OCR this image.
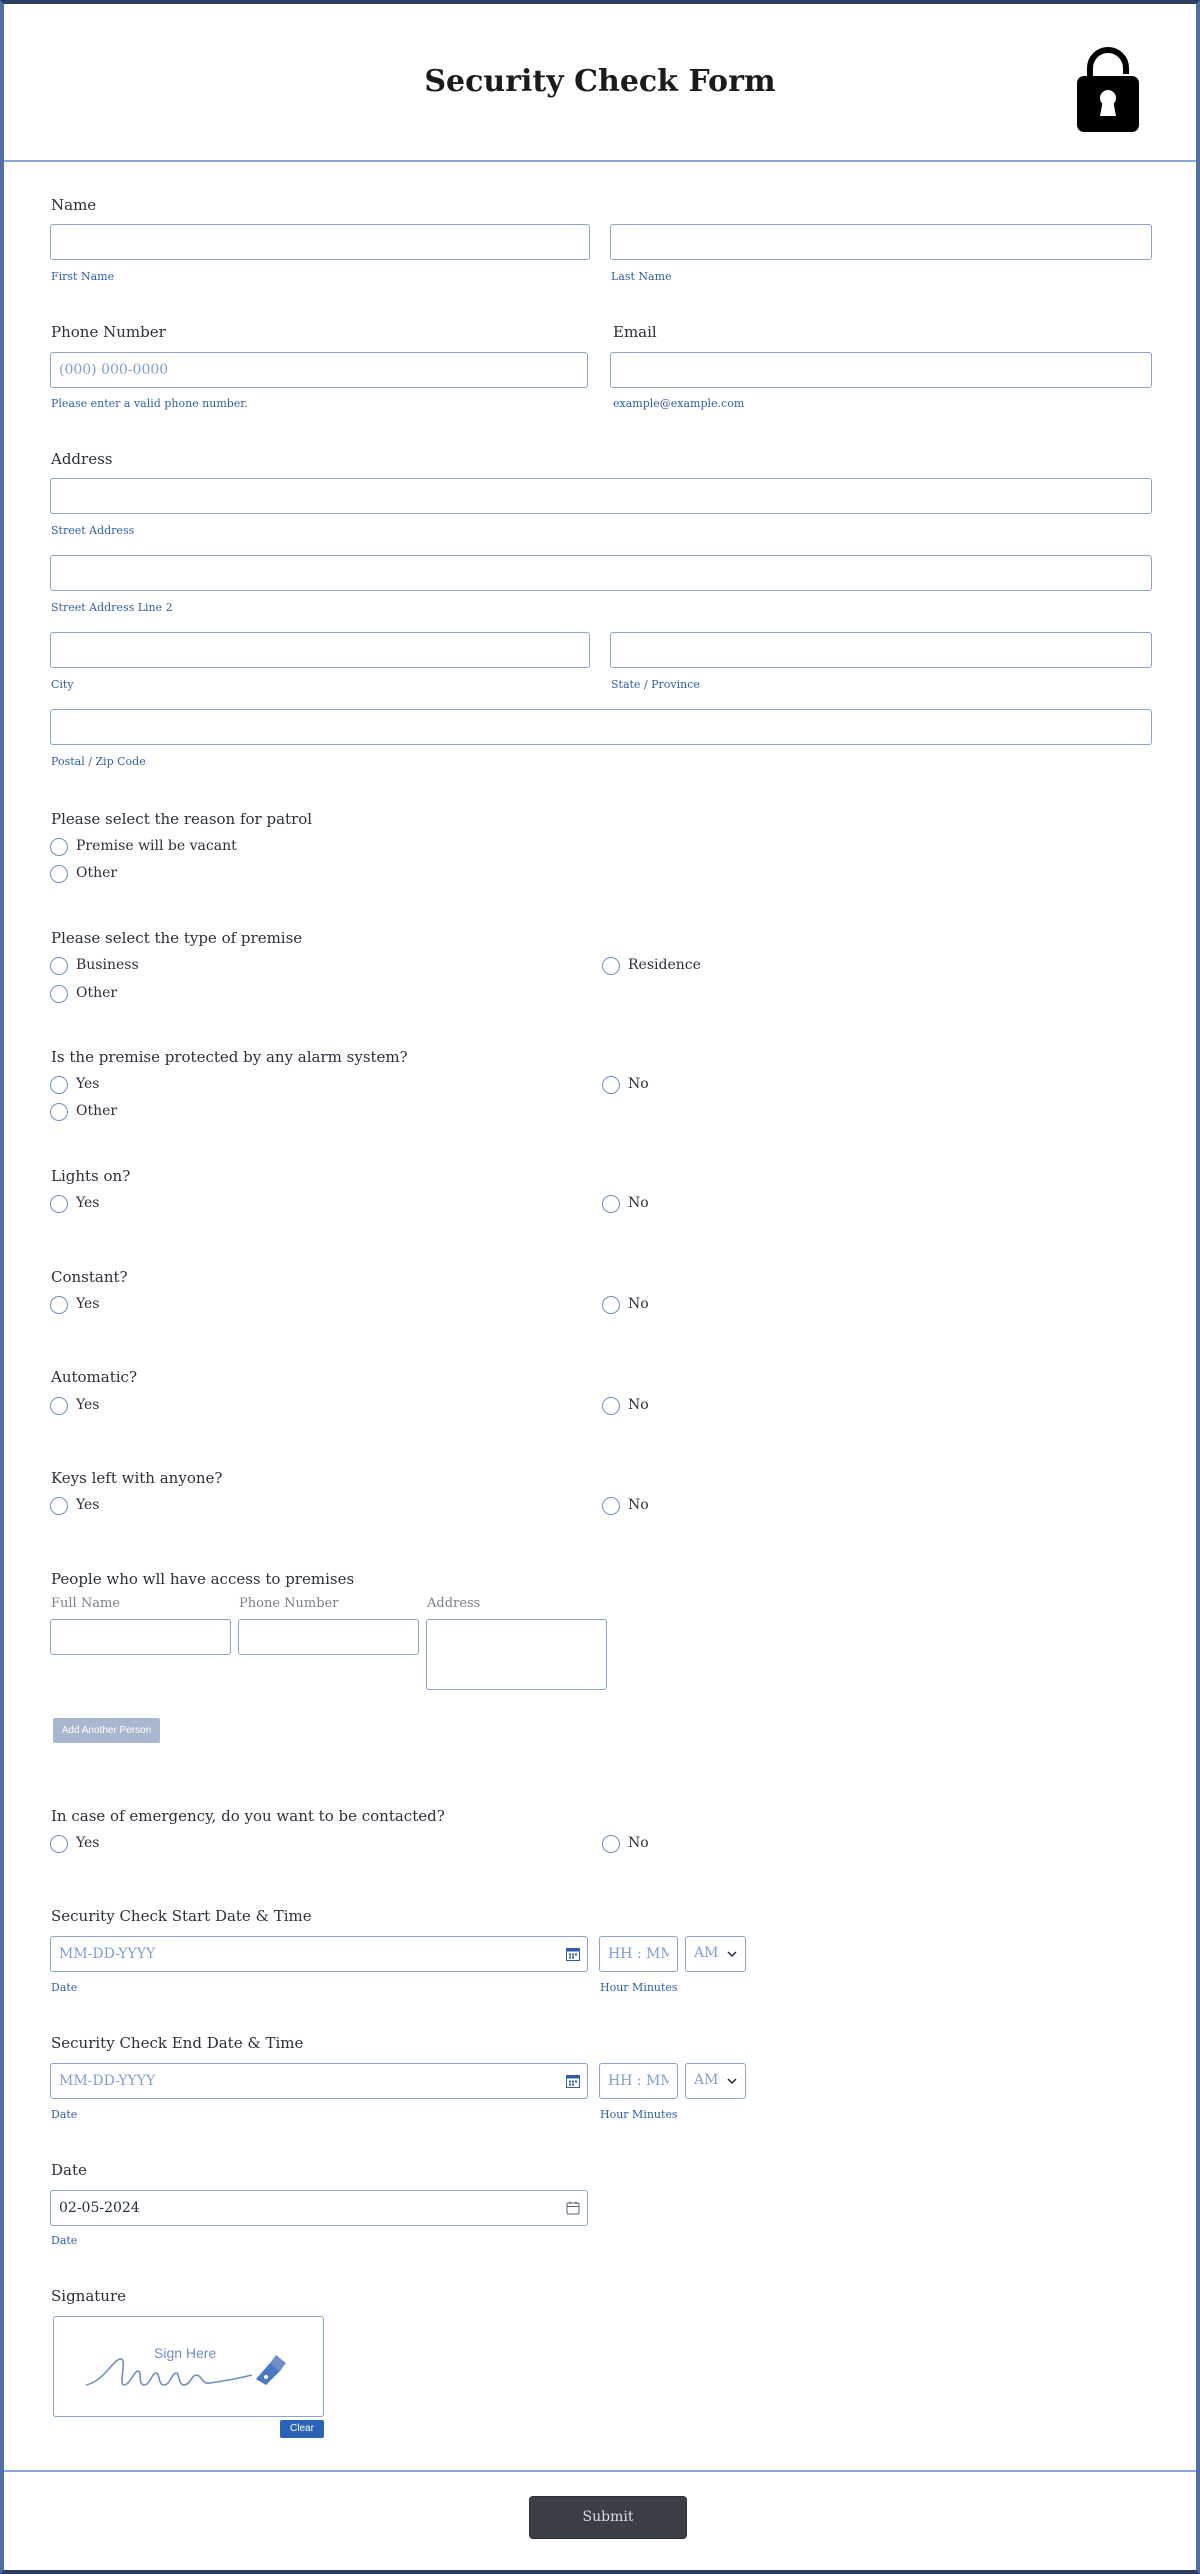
Security Check Form
Name
First Name	Last Name
Phone Number	Email
(000) 000-0000
Please enter a valid phone number.	example@example.com
Address
Street Address
Street Address Line 2
City	State / Province
Postal / Zip Code
Please select the reason for patrol
Premise will be vacant
Other
Please select the type of premise
Business	Residence
Other
Is the premise protected by any alarm system?
Yes	No
Other
Lights on?
Yes	No
Constant?
Yes	No
Automatic?
Yes	No
Keys left with anyone?
Yes	No
People who wll have access to premises
Full Name	Phone Number	Address
Add Another Person
In case of emergency, do you want to be contacted?
Yes	No
Security Check Start Date & Time
MM-DD-YYYY
HH : MM
AM
Date	Hour Minutes
Security Check End Date & Time
MM-DD-YYYY
HH : MM
AM
Date	Hour Minutes
Date
02-05-2024
Date
Signature
Sign Here
Clear
Submit
